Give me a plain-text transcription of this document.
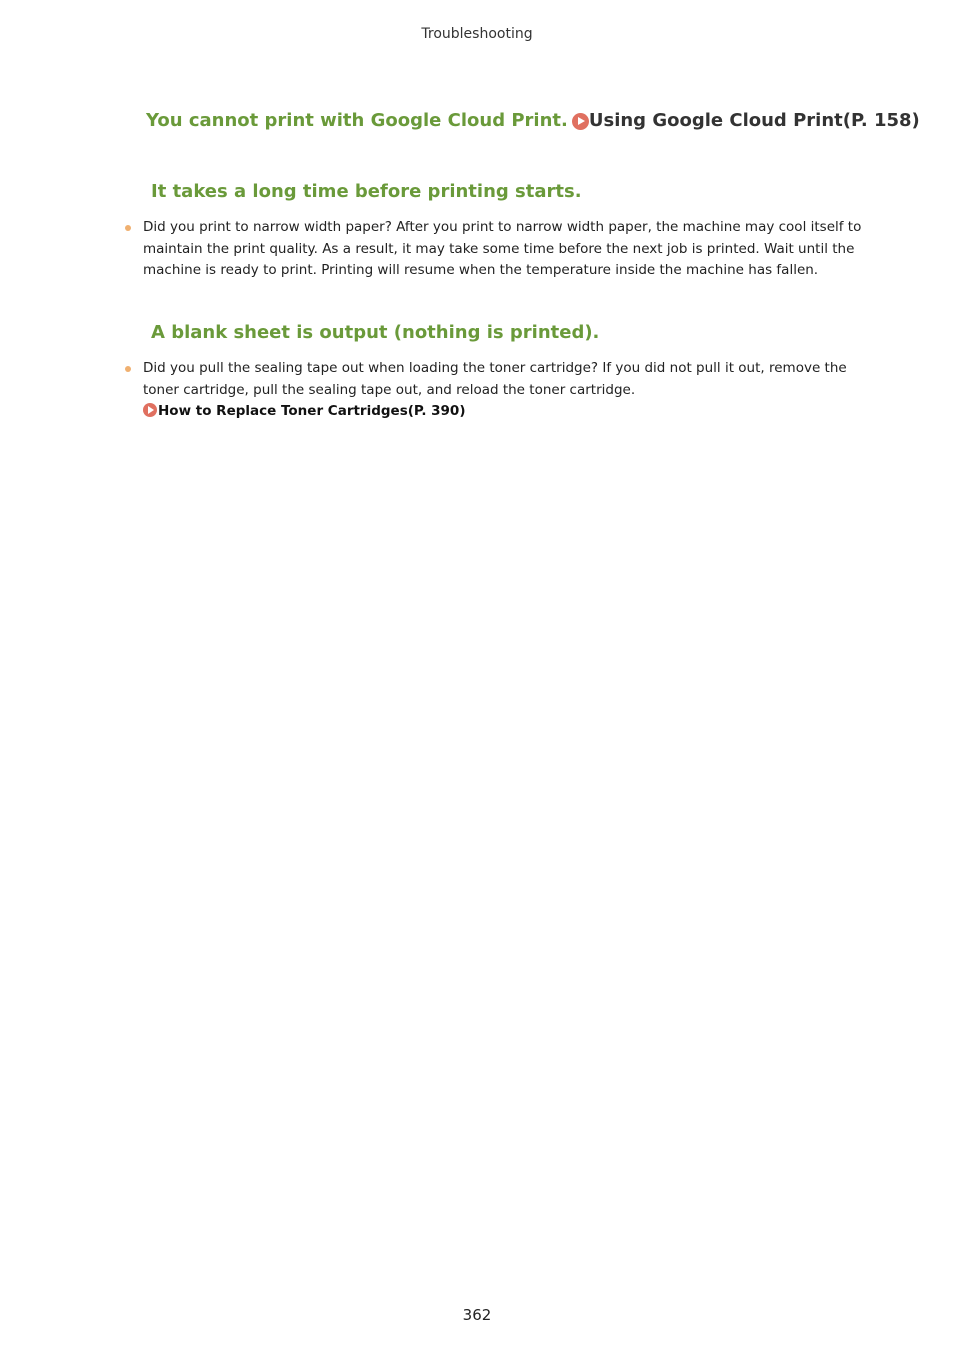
Troubleshooting
You cannot print with Google Cloud Print. Using Google Cloud Print(P. 158)
It takes a long time before printing starts.
Did you print to narrow width paper? After you print to narrow width paper, the machine may cool itself to maintain the print quality. As a result, it may take some time before the next job is printed. Wait until the machine is ready to print. Printing will resume when the temperature inside the machine has fallen.
A blank sheet is output (nothing is printed).
Did you pull the sealing tape out when loading the toner cartridge? If you did not pull it out, remove the toner cartridge, pull the sealing tape out, and reload the toner cartridge.
How to Replace Toner Cartridges(P. 390)
362
